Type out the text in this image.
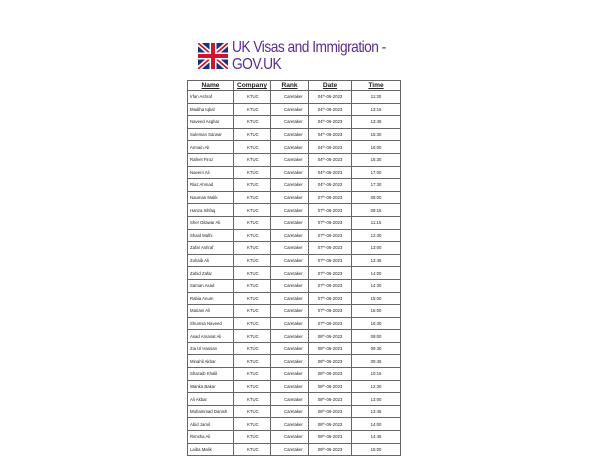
UK Visas and Immigration -
GOV.UK
Name	Company	Rank	Date	Time
Irfan Ashraf	KTUC	Caretaker	04th-06-2023	11:30
Madiha Iqbal	KTUC	Caretaker	04th-06-2023	13:15
Naveed Asghar	KTUC	Caretaker	04th-06-2023	13:45
Suleman Sarwar	KTUC	Caretaker	04th-06-2023	15:30
Armain Ali	KTUC	Caretaker	04th-06-2023	16:00
Rafeet Firoz	KTUC	Caretaker	04th-06-2023	16:30
Naeem Ali	KTUC	Caretaker	04th-06-2023	17:00
Riaz Ahmad	KTUC	Caretaker	04th-06-2023	17:30
Nauman Malik	KTUC	Caretaker	07th-06-2023	08:00
Hanza Ishfaq	KTUC	Caretaker	07th-06-2023	09:15
Sher Dilawar Ali	KTUC	Caretaker	07th-06-2023	11:15
Shaid Malhi	KTUC	Caretaker	07th-06-2023	12:30
Zafar Ashraf	KTUC	Caretaker	07th-06-2023	13:00
Zohaib Ali	KTUC	Caretaker	07th-06-2023	13:45
Zahid Zafar	KTUC	Caretaker	07th-06-2023	14:00
Saman Asad	KTUC	Caretaker	07th-06-2023	14:30
Rabia Anum	KTUC	Caretaker	07th-06-2023	15:00
Mariam Ali	KTUC	Caretaker	07th-06-2023	16:00
Shumsa Naveed	KTUC	Caretaker	07th-06-2023	16:30
Asad Amanat Ali	KTUC	Caretaker	08th-06-2023	09:00
Zia Ul Hassan	KTUC	Caretaker	08th-06-2023	09:30
Minahil Akbar	KTUC	Caretaker	08th-06-2023	09:45
Shazaib Khalil	KTUC	Caretaker	08th-06-2023	10:15
Wanka Bakar	KTUC	Caretaker	08th-06-2023	12:30
Ali Akbar	KTUC	Caretaker	08th-06-2023	13:00
Muhammad Danish	KTUC	Caretaker	08th-06-2023	13:45
Abid Jamil	KTUC	Caretaker	08th-06-2023	14:00
Rimsha Ali	KTUC	Caretaker	09th-06-2023	14:45
Laiba Malik	KTUC	Caretaker	09th-06-2023	15:00
